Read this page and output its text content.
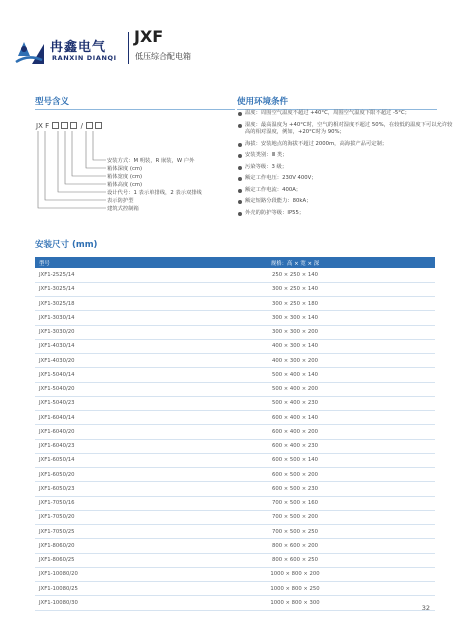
冉鑫电气
RANXIN DIANQI
JXF
低压综合配电箱
型号含义
JX F	/
安装方式：M 明装，R 嵌装，W 户外
箱体深度 (cm)
箱体宽度 (cm)
箱体高度 (cm)
设计代号：1 表示单排线，2 表示双排线
表示防护型
建筑式控制箱
使用环境条件
温度：周围空气温度不超过 +40°C，周围空气温度下限不超过 -5°C；
湿度：最高温度为 +40°C时，空气的相对湿度不超过 50%，在较低的温度下可以允许较高的相对湿度，例如，+20°C时为 90%；
海拔：安装地点的海拔不超过 2000m，高海拔产品可定制；
安装类别：Ⅲ 类；
污染等级：3 级；
额定工作电压：230V 400V；
额定工作电流：400A；
额定短路分段能力：80kA；
外壳的防护等级：IP55；
安装尺寸 (mm)
型号	规格：高 × 宽 × 深
JXF1-2525/14	250 × 250 × 140
JXF1-3025/14	300 × 250 × 140
JXF1-3025/18	300 × 250 × 180
JXF1-3030/14	300 × 300 × 140
JXF1-3030/20	300 × 300 × 200
JXF1-4030/14	400 × 300 × 140
JXF1-4030/20	400 × 300 × 200
JXF1-5040/14	500 × 400 × 140
JXF1-5040/20	500 × 400 × 200
JXF1-5040/23	500 × 400 × 230
JXF1-6040/14	600 × 400 × 140
JXF1-6040/20	600 × 400 × 200
JXF1-6040/23	600 × 400 × 230
JXF1-6050/14	600 × 500 × 140
JXF1-6050/20	600 × 500 × 200
JXF1-6050/23	600 × 500 × 230
JXF1-7050/16	700 × 500 × 160
JXF1-7050/20	700 × 500 × 200
JXF1-7050/25	700 × 500 × 250
JXF1-8060/20	800 × 600 × 200
JXF1-8060/25	800 × 600 × 250
JXF1-10080/20	1000 × 800 × 200
JXF1-10080/25	1000 × 800 × 250
JXF1-10080/30	1000 × 800 × 300
32
